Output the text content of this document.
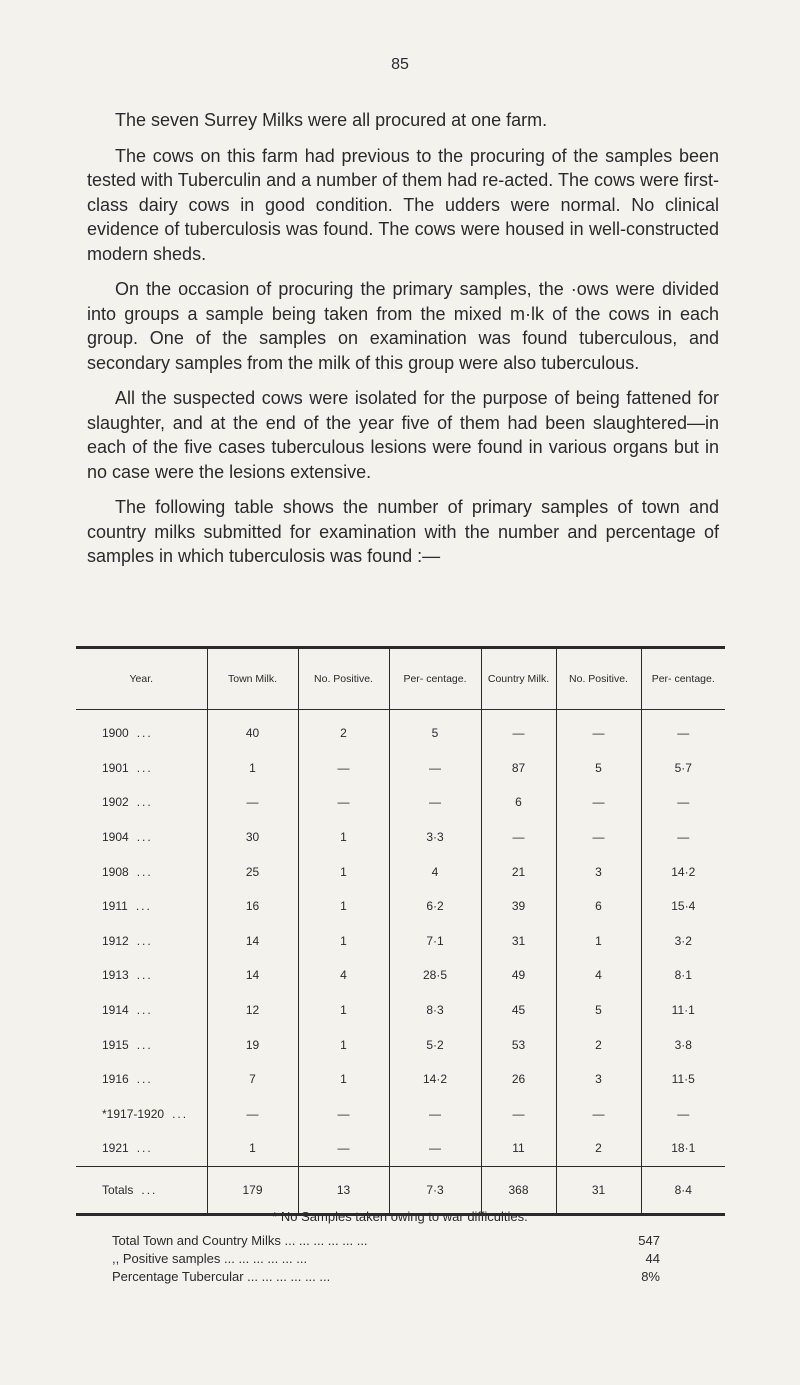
85

The seven Surrey Milks were all procured at one farm.

The cows on this farm had previous to the procuring of the samples been tested with Tuberculin and a number of them had re-acted. The cows were first-class dairy cows in good condition. The udders were normal. No clinical evidence of tuberculosis was found. The cows were housed in well-constructed modern sheds.

On the occasion of procuring the primary samples, the ·ows were divided into groups a sample being taken from the mixed m·lk of the cows in each group. One of the samples on examination was found tuberculous, and secondary samples from the milk of this group were also tuberculous.

All the suspected cows were isolated for the purpose of being fattened for slaughter, and at the end of the year five of them had been slaughtered—in each of the five cases tuberculous lesions were found in various organs but in no case were the lesions extensive.

The following table shows the number of primary samples of town and country milks submitted for examination with the number and percentage of samples in which tuberculosis was found :—

Year.	Town Milk.	No. Positive.	Per- centage.	Country Milk.	No. Positive.	Per- centage.
1900 ...	40	2	5	—	—	—
1901 ...	1	—	—	87	5	5·7
1902 ...	—	—	—	6	—	—
1904 ...	30	1	3·3	—	—	—
1908 ...	25	1	4	21	3	14·2
1911 ...	16	1	6·2	39	6	15·4
1912 ...	14	1	7·1	31	1	3·2
1913 ...	14	4	28·5	49	4	8·1
1914 ...	12	1	8·3	45	5	11·1
1915 ...	19	1	5·2	53	2	3·8
1916 ...	7	1	14·2	26	3	11·5
*1917-1920 ...	—	—	—	—	—	—
1921 ...	1	—	—	11	2	18·1
Totals ...	179	13	7·3	368	31	8·4
* No Samples taken owing to war difficulties.
Total Town and Country Milks ... ... ... ... ... ...	547
,, Positive samples ... ... ... ... ... ...	44
Percentage Tubercular ... ... ... ... ... ...	8%
